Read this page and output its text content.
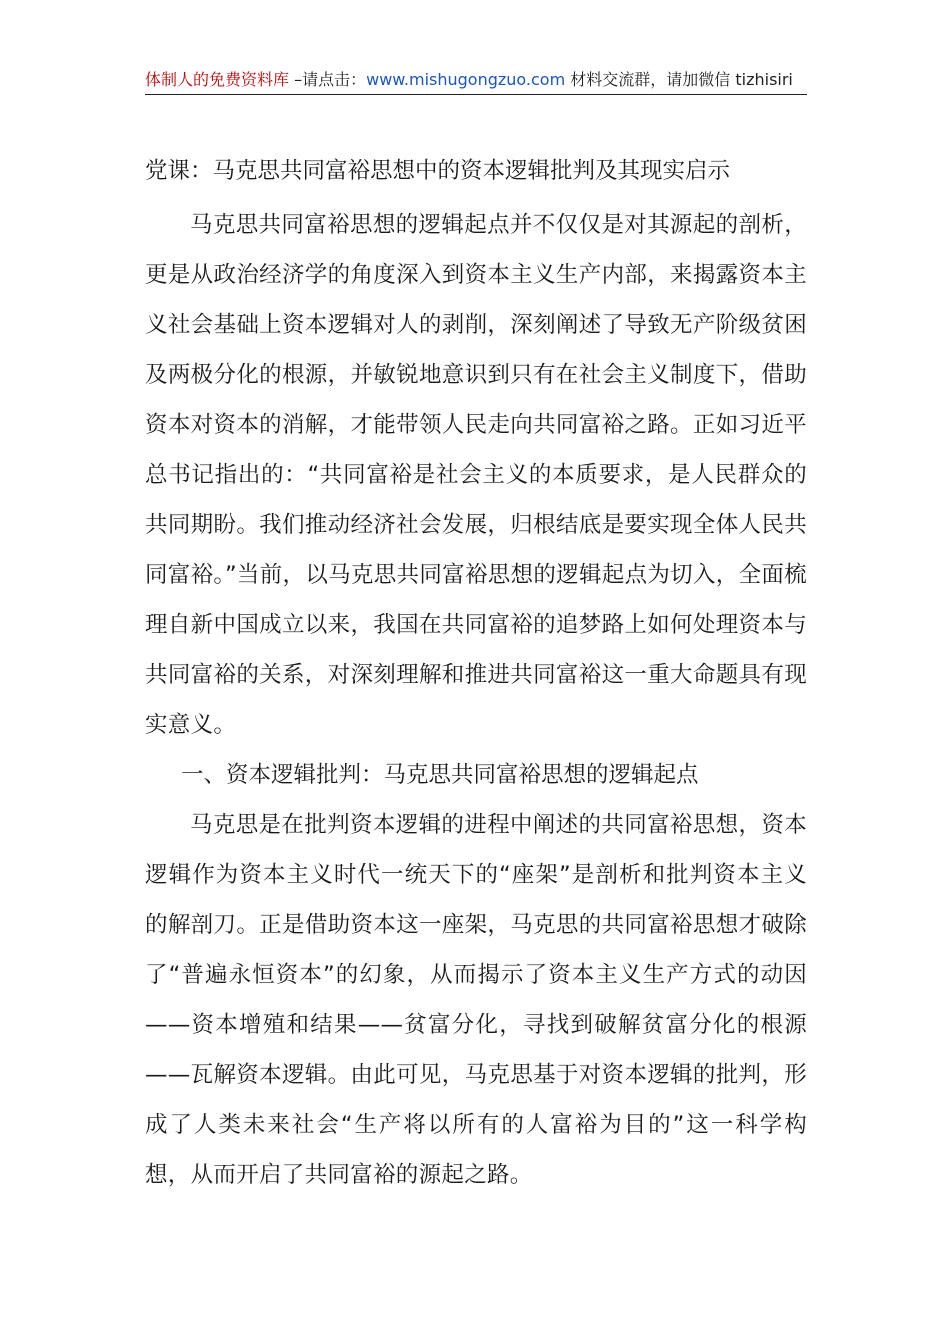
体制人的免费资料库 –请点击：www.mishugongzuo.com 材料交流群，请加微信 tizhisiri

党课：马克思共同富裕思想中的资本逻辑批判及其现实启示

马克思共同富裕思想的逻辑起点并不仅仅是对其源起的剖析，更是从政治经济学的角度深入到资本主义生产内部，来揭露资本主义社会基础上资本逻辑对人的剥削，深刻阐述了导致无产阶级贫困及两极分化的根源，并敏锐地意识到只有在社会主义制度下，借助资本对资本的消解，才能带领人民走向共同富裕之路。正如习近平总书记指出的：“共同富裕是社会主义的本质要求，是人民群众的共同期盼。我们推动经济社会发展，归根结底是要实现全体人民共同富裕。”当前，以马克思共同富裕思想的逻辑起点为切入，全面梳理自新中国成立以来，我国在共同富裕的追梦路上如何处理资本与共同富裕的关系，对深刻理解和推进共同富裕这一重大命题具有现实意义。

一、资本逻辑批判：马克思共同富裕思想的逻辑起点

马克思是在批判资本逻辑的进程中阐述的共同富裕思想，资本逻辑作为资本主义时代一统天下的“座架”是剖析和批判资本主义的解剖刀。正是借助资本这一座架，马克思的共同富裕思想才破除了“普遍永恒资本”的幻象，从而揭示了资本主义生产方式的动因——资本增殖和结果——贫富分化，寻找到破解贫富分化的根源——瓦解资本逻辑。由此可见，马克思基于对资本逻辑的批判，形成了人类未来社会“生产将以所有的人富裕为目的”这一科学构想，从而开启了共同富裕的源起之路。
